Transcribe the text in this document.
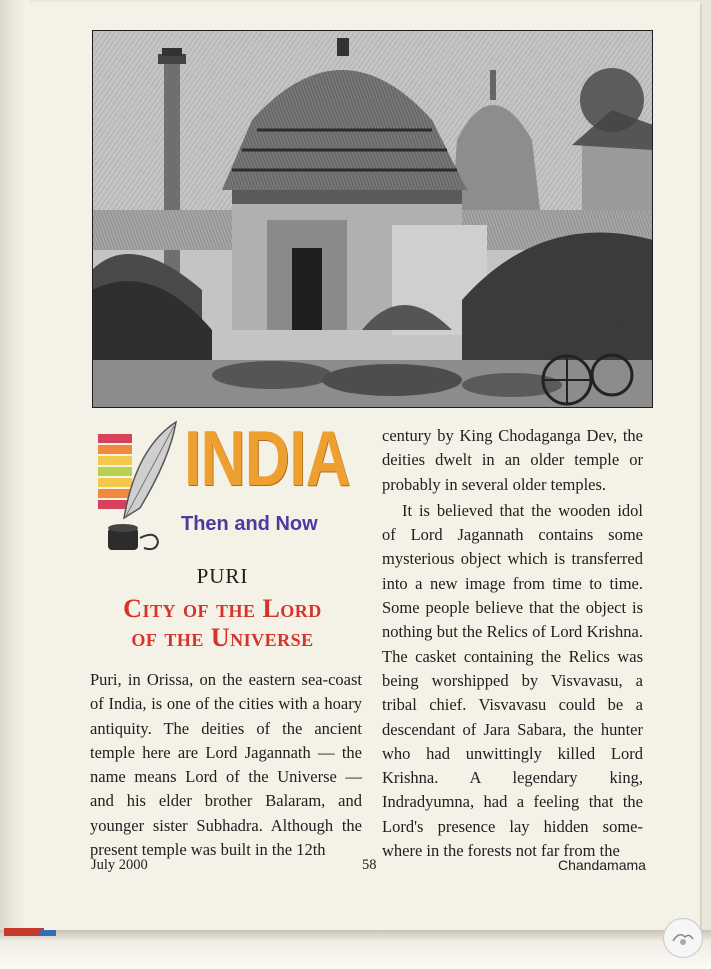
INDIA
Then and Now
PURI
City of the Lord
of the Universe

Puri, in Orissa, on the eastern sea-coast of India, is one of the cities with a hoary antiquity. The deities of the ancient temple here are Lord Jagannath — the name means Lord of the Universe — and his elder brother Balaram, and younger sister Subhadra. Although the present temple was built in the 12th

century by King Chodaganga Dev, the deities dwelt in an older temple or probably in several older temples.

It is believed that the wooden idol of Lord Jagannath contains some mysterious object which is transferred into a new image from time to time. Some people believe that the object is nothing but the Relics of Lord Krishna. The casket containing the Relics was being worshipped by Visvavasu, a tribal chief. Visvavasu could be a descendant of Jara Sabara, the hunter who had unwittingly killed Lord Krishna. A legendary king, Indradyumna, had a feeling that the Lord's presence lay hidden some-where in the forests not far from the

July 2000	58	Chandamama
